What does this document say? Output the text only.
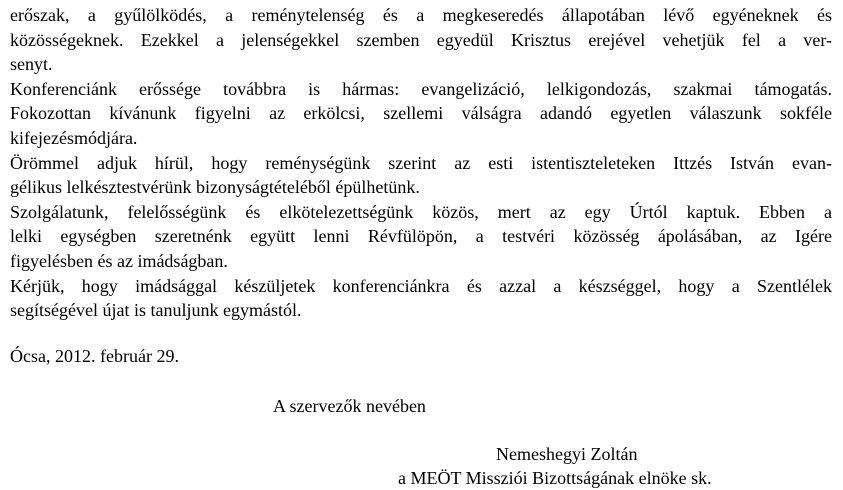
erőszak, a gyűlölködés, a reménytelenség és a megkeseredés állapotában lévő egyéneknek és
közösségeknek. Ezekkel a jelenségekkel szemben egyedül Krisztus erejével vehetjük fel a ver-
senyt.
Konferenciánk erőssége továbbra is hármas: evangelizáció, lelkigondozás, szakmai támogatás.
Fokozottan kívánunk figyelni az erkölcsi, szellemi válságra adandó egyetlen válaszunk sokféle
kifejezésmódjára.
Örömmel adjuk hírül, hogy reménységünk szerint az esti istentiszteleteken Ittzés István evan-
gélikus lelkésztestvérünk bizonyságtételéből épülhetünk.
Szolgálatunk, felelősségünk és elkötelezettségünk közös, mert az egy Úrtól kaptuk. Ebben a
lelki egységben szeretnénk együtt lenni Révfülöpön, a testvéri közösség ápolásában, az Igére
figyelésben és az imádságban.
Kérjük, hogy imádsággal készüljetek konferenciánkra és azzal a készséggel, hogy a Szentlélek
segítségével újat is tanuljunk egymástól.
Ócsa, 2012. február 29.
A szervezők nevében
Nemeshegyi Zoltán
a MEÖT Missziói Bizottságának elnöke sk.
